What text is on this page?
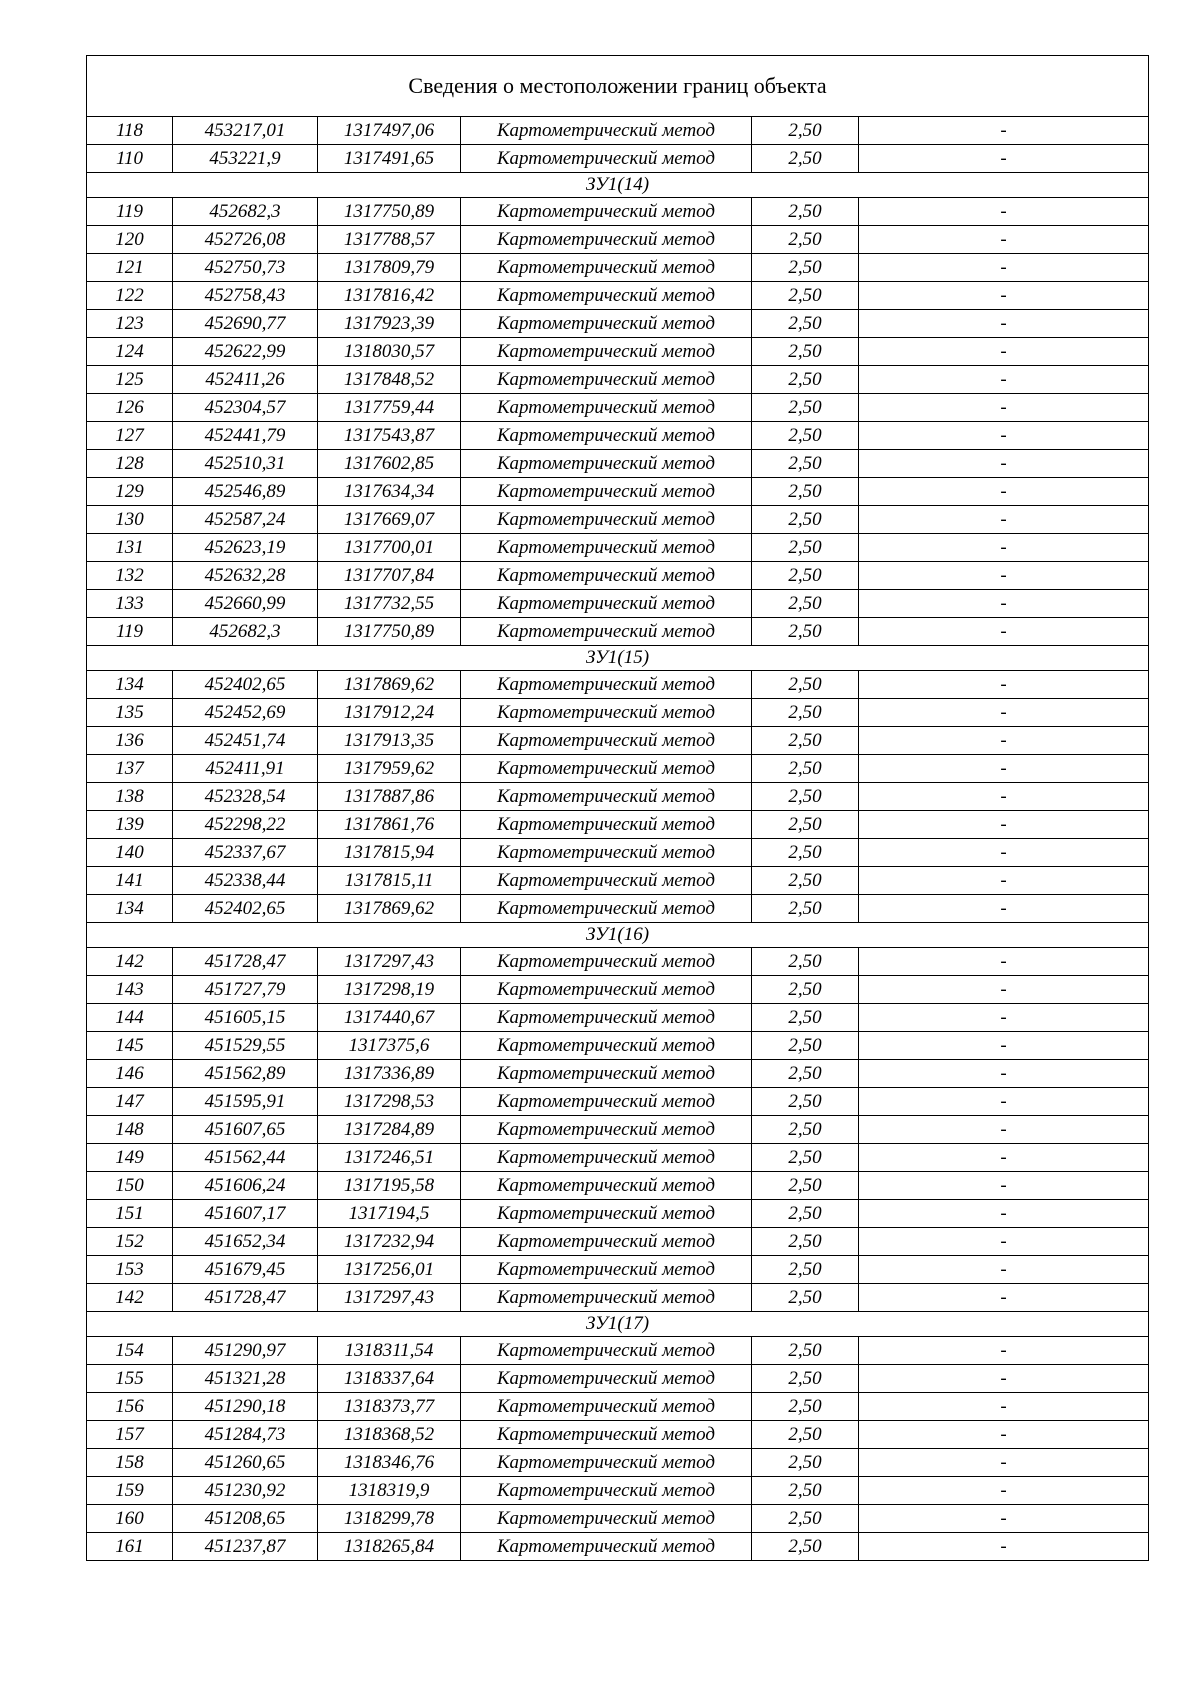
Сведения о местоположении границ объекта					
118	453217,01	1317497,06	Картометрический метод	2,50	-
110	453221,9	1317491,65	Картометрический метод	2,50	-
ЗУ1(14)					
119	452682,3	1317750,89	Картометрический метод	2,50	-
120	452726,08	1317788,57	Картометрический метод	2,50	-
121	452750,73	1317809,79	Картометрический метод	2,50	-
122	452758,43	1317816,42	Картометрический метод	2,50	-
123	452690,77	1317923,39	Картометрический метод	2,50	-
124	452622,99	1318030,57	Картометрический метод	2,50	-
125	452411,26	1317848,52	Картометрический метод	2,50	-
126	452304,57	1317759,44	Картометрический метод	2,50	-
127	452441,79	1317543,87	Картометрический метод	2,50	-
128	452510,31	1317602,85	Картометрический метод	2,50	-
129	452546,89	1317634,34	Картометрический метод	2,50	-
130	452587,24	1317669,07	Картометрический метод	2,50	-
131	452623,19	1317700,01	Картометрический метод	2,50	-
132	452632,28	1317707,84	Картометрический метод	2,50	-
133	452660,99	1317732,55	Картометрический метод	2,50	-
119	452682,3	1317750,89	Картометрический метод	2,50	-
ЗУ1(15)					
134	452402,65	1317869,62	Картометрический метод	2,50	-
135	452452,69	1317912,24	Картометрический метод	2,50	-
136	452451,74	1317913,35	Картометрический метод	2,50	-
137	452411,91	1317959,62	Картометрический метод	2,50	-
138	452328,54	1317887,86	Картометрический метод	2,50	-
139	452298,22	1317861,76	Картометрический метод	2,50	-
140	452337,67	1317815,94	Картометрический метод	2,50	-
141	452338,44	1317815,11	Картометрический метод	2,50	-
134	452402,65	1317869,62	Картометрический метод	2,50	-
ЗУ1(16)					
142	451728,47	1317297,43	Картометрический метод	2,50	-
143	451727,79	1317298,19	Картометрический метод	2,50	-
144	451605,15	1317440,67	Картометрический метод	2,50	-
145	451529,55	1317375,6	Картометрический метод	2,50	-
146	451562,89	1317336,89	Картометрический метод	2,50	-
147	451595,91	1317298,53	Картометрический метод	2,50	-
148	451607,65	1317284,89	Картометрический метод	2,50	-
149	451562,44	1317246,51	Картометрический метод	2,50	-
150	451606,24	1317195,58	Картометрический метод	2,50	-
151	451607,17	1317194,5	Картометрический метод	2,50	-
152	451652,34	1317232,94	Картометрический метод	2,50	-
153	451679,45	1317256,01	Картометрический метод	2,50	-
142	451728,47	1317297,43	Картометрический метод	2,50	-
ЗУ1(17)					
154	451290,97	1318311,54	Картометрический метод	2,50	-
155	451321,28	1318337,64	Картометрический метод	2,50	-
156	451290,18	1318373,77	Картометрический метод	2,50	-
157	451284,73	1318368,52	Картометрический метод	2,50	-
158	451260,65	1318346,76	Картометрический метод	2,50	-
159	451230,92	1318319,9	Картометрический метод	2,50	-
160	451208,65	1318299,78	Картометрический метод	2,50	-
161	451237,87	1318265,84	Картометрический метод	2,50	-
